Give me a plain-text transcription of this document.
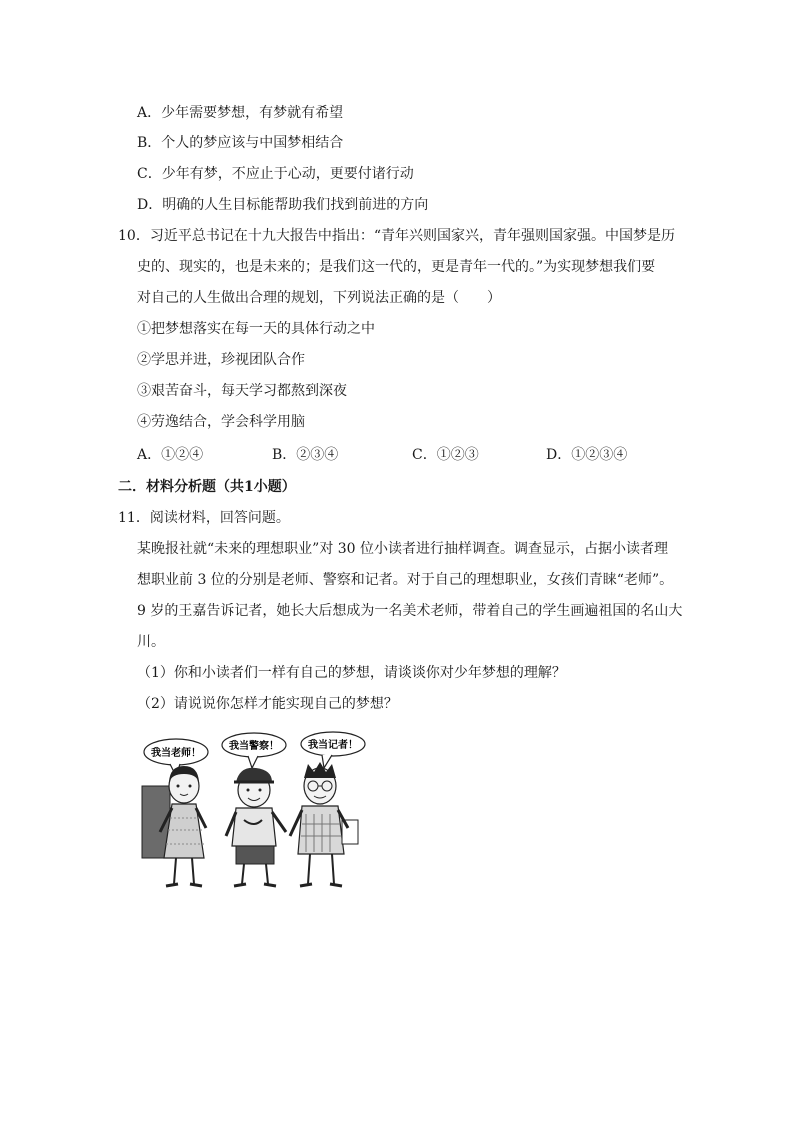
A．少年需要梦想，有梦就有希望
B．个人的梦应该与中国梦相结合
C．少年有梦，不应止于心动，更要付诸行动
D．明确的人生目标能帮助我们找到前进的方向
10．习近平总书记在十九大报告中指出：“青年兴则国家兴，青年强则国家强。中国梦是历
史的、现实的，也是未来的；是我们这一代的，更是青年一代的。”为实现梦想我们要
对自己的人生做出合理的规划，下列说法正确的是（　　）
①把梦想落实在每一天的具体行动之中
②学思并进，珍视团队合作
③艰苦奋斗，每天学习都熬到深夜
④劳逸结合，学会科学用脑
A．①②④	B．②③④	C．①②③	D．①②③④
二．材料分析题（共1小题）
11．阅读材料，回答问题。
某晚报社就“未来的理想职业”对 30 位小读者进行抽样调查。调查显示，占据小读者理
想职业前 3 位的分别是老师、警察和记者。对于自己的理想职业，女孩们青睐“老师”。
9 岁的王嘉告诉记者，她长大后想成为一名美术老师，带着自己的学生画遍祖国的名山大
川。
（1）你和小读者们一样有自己的梦想，请谈谈你对少年梦想的理解？
（2）请说说你怎样才能实现自己的梦想？
我当老师！
我当警察！	我当记者！
